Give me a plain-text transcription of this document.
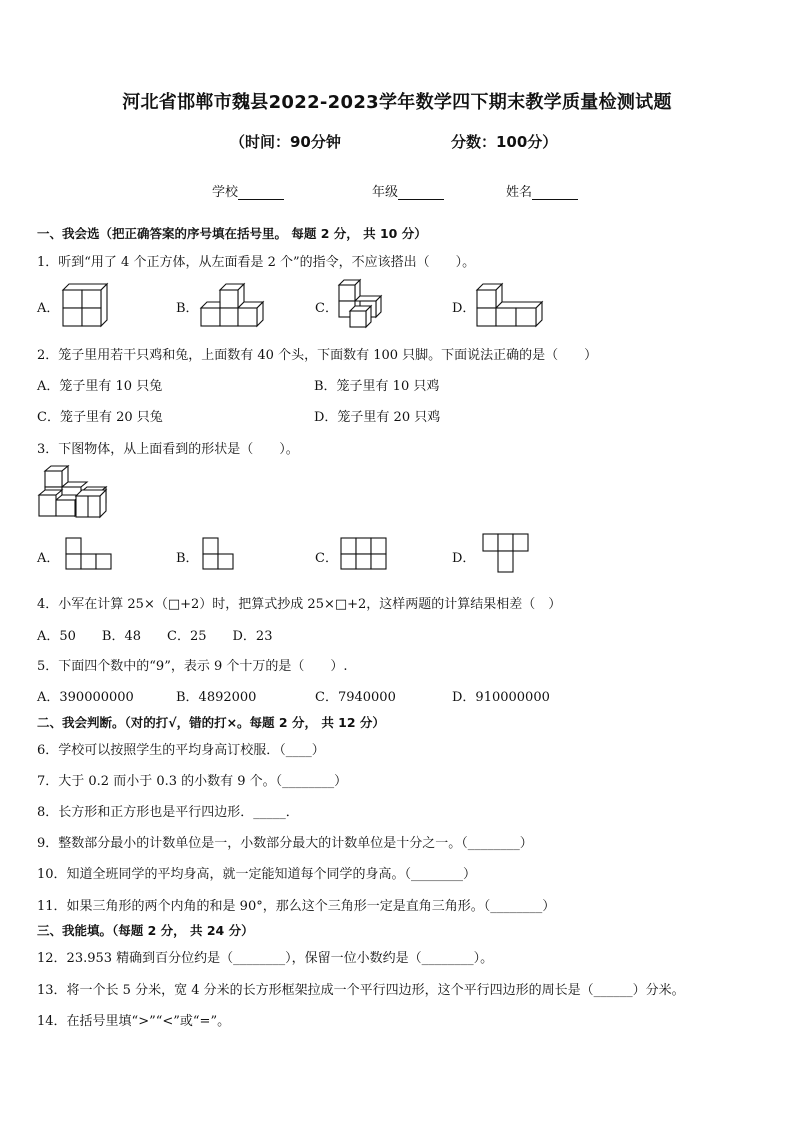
河北省邯郸市魏县2022-2023学年数学四下期末教学质量检测试题
（时间：90分钟	分数：100分）
学校	年级	姓名
一、我会选（把正确答案的序号填在括号里。 每题 2 分， 共 10 分）
1．听到“用了 4 个正方体，从左面看是 2 个”的指令，不应该搭出（　　）。
A．	B．	C．	D．
2．笼子里用若干只鸡和兔，上面数有 40 个头，下面数有 100 只脚。下面说法正确的是（　　）
A．笼子里有 10 只兔	B．笼子里有 10 只鸡
C．笼子里有 20 只兔	D．笼子里有 20 只鸡
3．下图物体，从上面看到的形状是（　　）。
A．	B．	C．	D．
4．小军在计算 25×（□+2）时，把算式抄成 25×□+2，这样两题的计算结果相差（　）
A．50　　B．48　　C．25　　D．23
5．下面四个数中的“9”，表示 9 个十万的是（　　）.
A．390000000	B．4892000	C．7940000	D．910000000
二、我会判断。（对的打√，错的打×。每题 2 分， 共 12 分）
6．学校可以按照学生的平均身高订校服．（____）
7．大于 0.2 而小于 0.3 的小数有 9 个。（________）
8．长方形和正方形也是平行四边形．_____．
9．整数部分最小的计数单位是一，小数部分最大的计数单位是十分之一。（________）
10．知道全班同学的平均身高，就一定能知道每个同学的身高。（________）
11．如果三角形的两个内角的和是 90°，那么这个三角形一定是直角三角形。（________）
三、我能填。（每题 2 分， 共 24 分）
12．23.953 精确到百分位约是（________），保留一位小数约是（________）。
13．将一个长 5 分米，宽 4 分米的长方形框架拉成一个平行四边形，这个平行四边形的周长是（______）分米。
14．在括号里填“>”“<”或“=”。
